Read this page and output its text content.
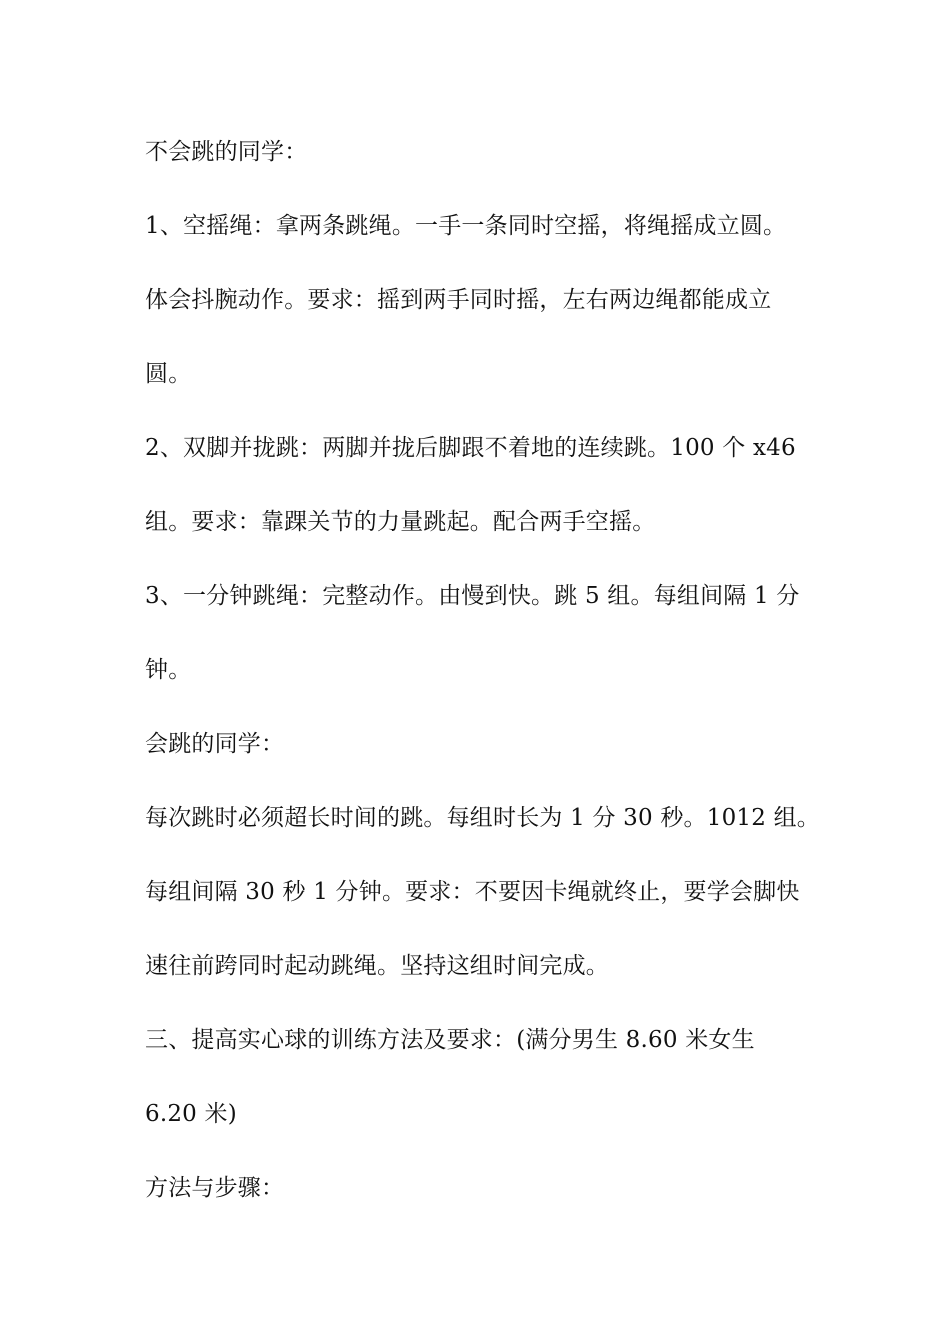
不会跳的同学：
1、空摇绳：拿两条跳绳。一手一条同时空摇，将绳摇成立圆。
体会抖腕动作。要求：摇到两手同时摇，左右两边绳都能成立
圆。
2、双脚并拢跳：两脚并拢后脚跟不着地的连续跳。100 个 x46
组。要求：靠踝关节的力量跳起。配合两手空摇。
3、一分钟跳绳：完整动作。由慢到快。跳 5 组。每组间隔 1 分
钟。
会跳的同学：
每次跳时必须超长时间的跳。每组时长为 1 分 30 秒。1012 组。
每组间隔 30 秒 1 分钟。要求：不要因卡绳就终止，要学会脚快
速往前跨同时起动跳绳。坚持这组时间完成。
三、提高实心球的训练方法及要求：(满分男生 8.60 米女生
6.20 米)
方法与步骤：
